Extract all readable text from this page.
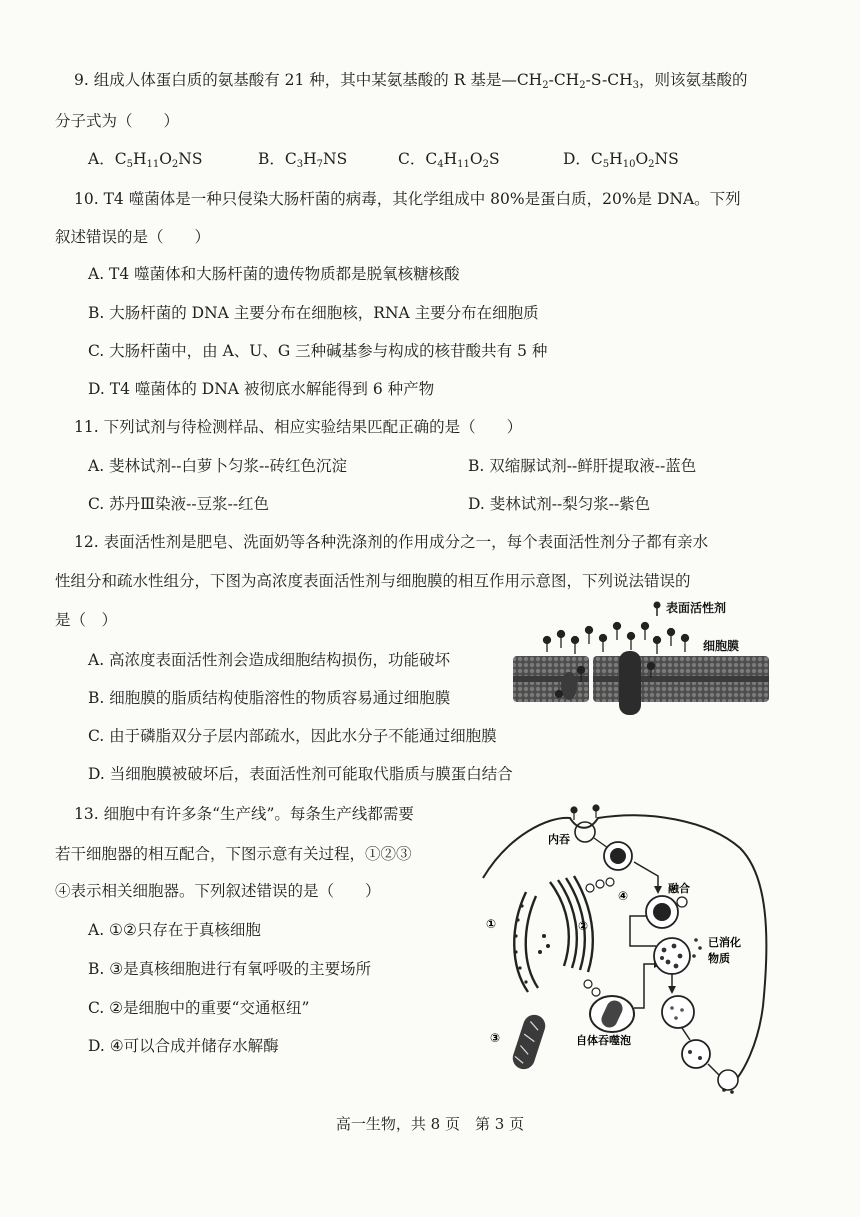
9. 组成人体蛋白质的氨基酸有 21 种，其中某氨基酸的 R 基是$—CH_2-CH_2-S-CH_3$，则该氨基酸的
分子式为（　　）
A．$C_5H_{11}O_2NS$	B．$C_3H_7NS$	C．$C_4H_{11}O_2S$	D．$C_5H_{10}O_2NS$
10. T4 噬菌体是一种只侵染大肠杆菌的病毒，其化学组成中 80%是蛋白质，20%是 DNA。下列
叙述错误的是（　　）
A. T4 噬菌体和大肠杆菌的遗传物质都是脱氧核糖核酸
B. 大肠杆菌的 DNA 主要分布在细胞核，RNA 主要分布在细胞质
C. 大肠杆菌中，由 A、U、G 三种碱基参与构成的核苷酸共有 5 种
D. T4 噬菌体的 DNA 被彻底水解能得到 6 种产物
11. 下列试剂与待检测样品、相应实验结果匹配正确的是（　　）
A. 斐林试剂--白萝卜匀浆--砖红色沉淀	B. 双缩脲试剂--鲜肝提取液--蓝色
C. 苏丹Ⅲ染液--豆浆--红色	D. 斐林试剂--梨匀浆--紫色
12. 表面活性剂是肥皂、洗面奶等各种洗涤剂的作用成分之一，每个表面活性剂分子都有亲水
性组分和疏水性组分，下图为高浓度表面活性剂与细胞膜的相互作用示意图，下列说法错误的
是（　）
A. 高浓度表面活性剂会造成细胞结构损伤，功能破坏
B. 细胞膜的脂质结构使脂溶性的物质容易通过细胞膜
C. 由于磷脂双分子层内部疏水，因此水分子不能通过细胞膜
D. 当细胞膜被破坏后，表面活性剂可能取代脂质与膜蛋白结合
表面活性剂
细胞膜
13. 细胞中有许多条“生产线”。每条生产线都需要
若干细胞器的相互配合，下图示意有关过程，①②③
④表示相关细胞器。下列叙述错误的是（　　）
A. ①②只存在于真核细胞
B. ③是真核细胞进行有氧呼吸的主要场所
C. ②是细胞中的重要“交通枢纽”
D. ④可以合成并储存水解酶
内吞
融合
②
④
①
③	自体吞噬泡
已消化
物质
高一生物，共 8 页　第 3 页
